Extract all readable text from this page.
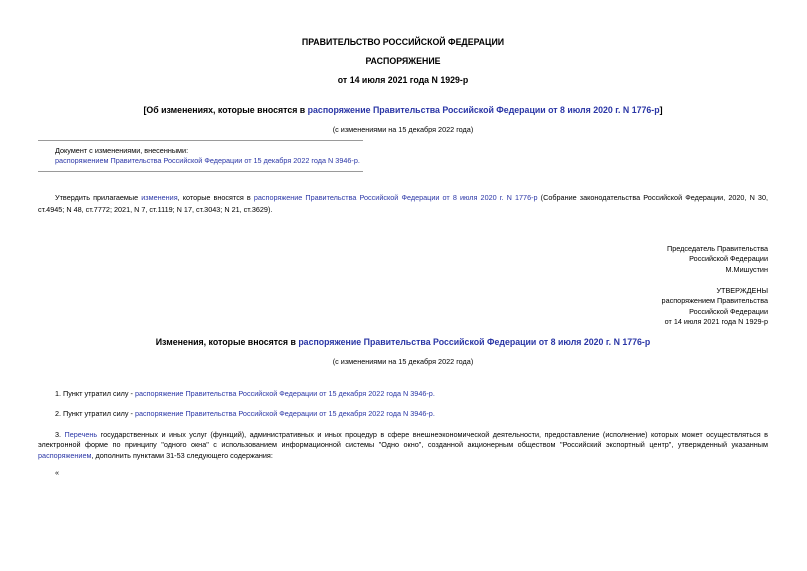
ПРАВИТЕЛЬСТВО РОССИЙСКОЙ ФЕДЕРАЦИИ
РАСПОРЯЖЕНИЕ
от 14 июля 2021 года N 1929-р
[Об изменениях, которые вносятся в распоряжение Правительства Российской Федерации от 8 июля 2020 г. N 1776-р]
(с изменениями на 15 декабря 2022 года)
Документ с изменениями, внесенными:
распоряжением Правительства Российской Федерации от 15 декабря 2022 года N 3946-р.
Утвердить прилагаемые изменения, которые вносятся в распоряжение Правительства Российской Федерации от 8 июля 2020 г. N 1776-р (Собрание законодательства Российской Федерации, 2020, N 30, ст.4945; N 48, ст.7772; 2021, N 7, ст.1119; N 17, ст.3043; N 21, ст.3629).
Председатель Правительства
Российской Федерации
М.Мишустин
УТВЕРЖДЕНЫ
распоряжением Правительства
Российской Федерации
от 14 июля 2021 года N 1929-р
Изменения, которые вносятся в распоряжение Правительства Российской Федерации от 8 июля 2020 г. N 1776-р
(с изменениями на 15 декабря 2022 года)
1. Пункт утратил силу - распоряжение Правительства Российской Федерации от 15 декабря 2022 года N 3946-р.
2. Пункт утратил силу - распоряжение Правительства Российской Федерации от 15 декабря 2022 года N 3946-р.
3. Перечень государственных и иных услуг (функций), административных и иных процедур в сфере внешнеэкономической деятельности, предоставление (исполнение) которых может осуществляться в электронной форме по принципу "одного окна" с использованием информационной системы "Одно окно", созданной акционерным обществом "Российский экспортный центр", утвержденный указанным распоряжением, дополнить пунктами 31-53 следующего содержания:
«
